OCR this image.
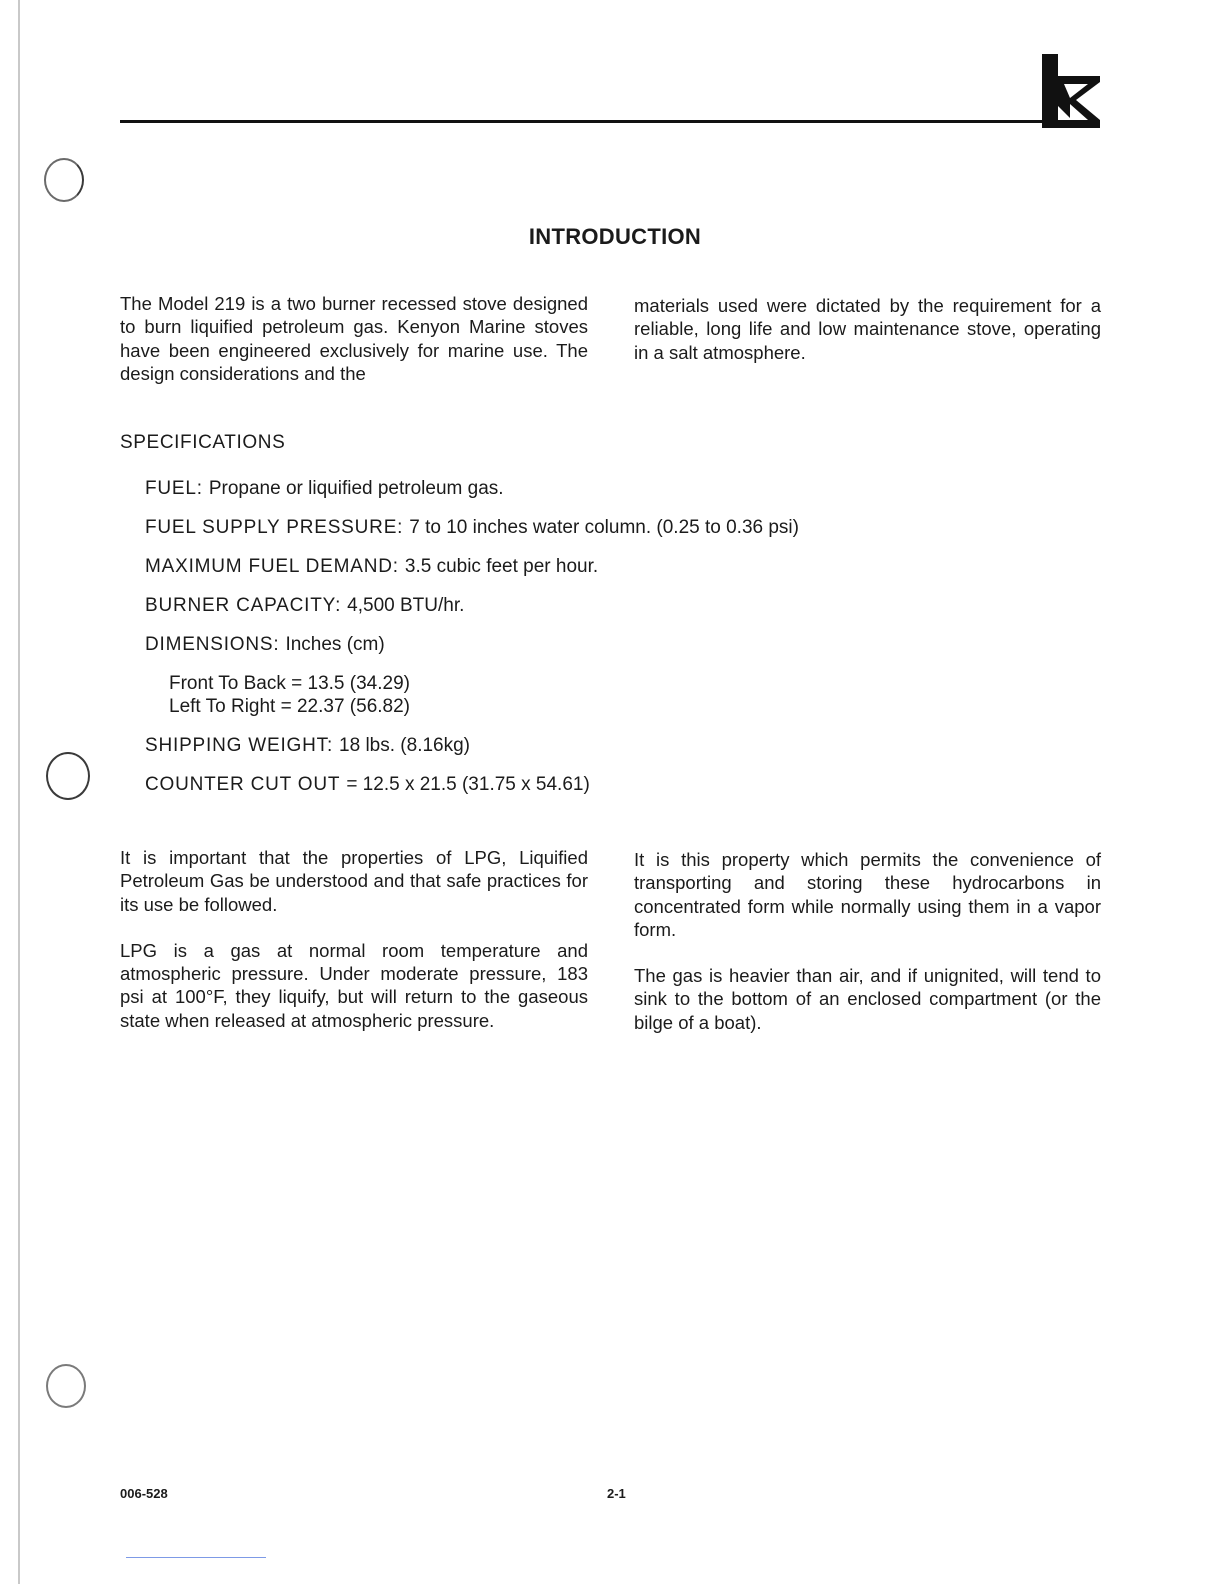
INTRODUCTION

The Model 219 is a two burner recessed stove designed to burn liquified petroleum gas. Kenyon Marine stoves have been engineered exclusively for marine use. The design considerations and the

materials used were dictated by the requirement for a reliable, long life and low maintenance stove, operating in a salt atmosphere.

SPECIFICATIONS
FUEL: Propane or liquified petroleum gas.
FUEL SUPPLY PRESSURE: 7 to 10 inches water column. (0.25 to 0.36 psi)
MAXIMUM FUEL DEMAND: 3.5 cubic feet per hour.
BURNER CAPACITY: 4,500 BTU/hr.
DIMENSIONS: Inches (cm)
Front To Back = 13.5 (34.29)
Left To Right = 22.37 (56.82)
SHIPPING WEIGHT: 18 lbs. (8.16kg)
COUNTER CUT OUT = 12.5 x 21.5 (31.75 x 54.61)

It is important that the properties of LPG, Liquified Petroleum Gas be understood and that safe practices for its use be followed.

LPG is a gas at normal room temperature and atmospheric pressure. Under moderate pressure, 183 psi at 100°F, they liquify, but will return to the gaseous state when released at atmospheric pressure.

It is this property which permits the convenience of transporting and storing these hydrocarbons in concentrated form while normally using them in a vapor form.

The gas is heavier than air, and if unignited, will tend to sink to the bottom of an enclosed compartment (or the bilge of a boat).

006-528	2-1
